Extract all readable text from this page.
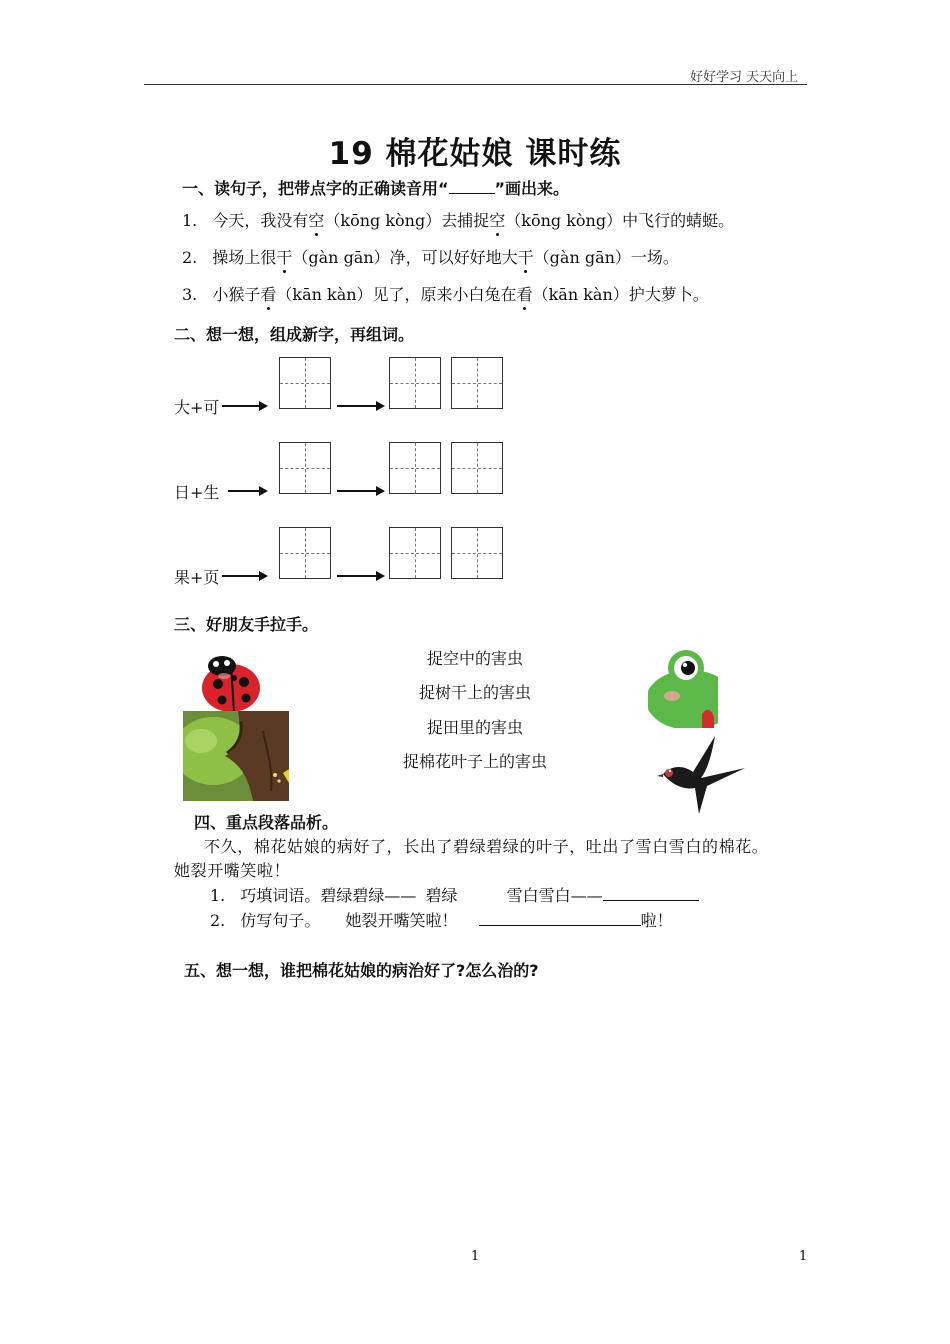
好好学习 天天向上
19 棉花姑娘 课时练
一、读句子，把带点字的正确读音用“	”画出来。
1. 今天，我没有空（kōng kòng）去捕捉空（kōng kòng）中飞行的蜻蜓。
2. 操场上很干（gàn gān）净，可以好好地大干（gàn gān）一场。
3. 小猴子看（kān kàn）见了，原来小白兔在看（kān kàn）护大萝卜。
二、想一想，组成新字，再组词。
大+可
日+生
果+页
三、好朋友手拉手。
捉空中的害虫
捉树干上的害虫
捉田里的害虫
捉棉花叶子上的害虫
四、重点段落品析。
不久，棉花姑娘的病好了，长出了碧绿碧绿的叶子，吐出了雪白雪白的棉花。
她裂开嘴笑啦！
1. 巧填词语。碧绿碧绿—— 碧绿	雪白雪白——
2. 仿写句子。 她裂开嘴笑啦！	啦！
五、想一想，谁把棉花姑娘的病治好了?怎么治的?
1	1
